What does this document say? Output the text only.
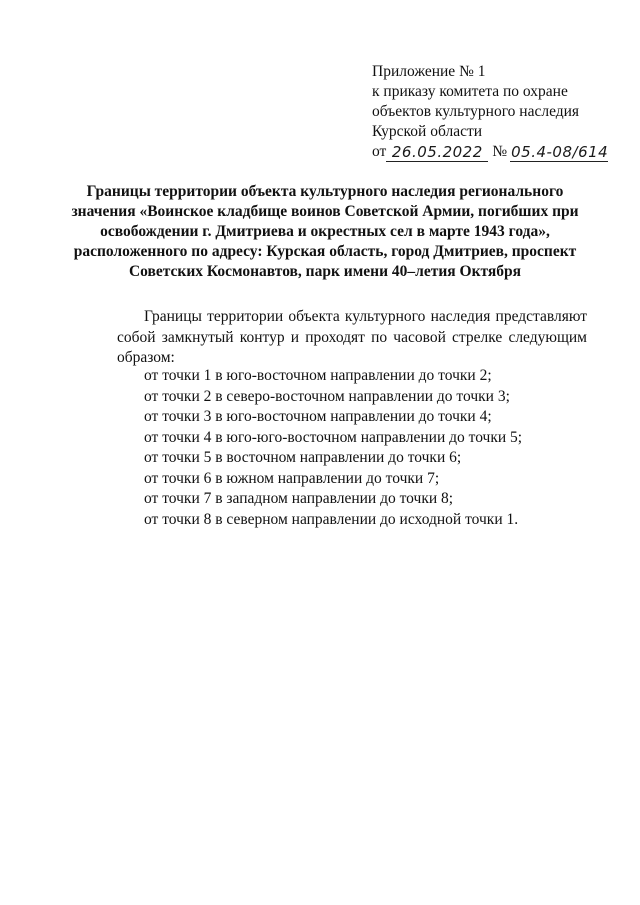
Приложение № 1
к приказу комитета по охране
объектов культурного наследия
Курской области
от 26.05.2022 № 05.4-08/614
Границы территории объекта культурного наследия регионального значения «Воинское кладбище воинов Советской Армии, погибших при освобождении г. Дмитриева и окрестных сел в марте 1943 года», расположенного по адресу: Курская область, город Дмитриев, проспект Советских Космонавтов, парк имени 40–летия Октября
Границы территории объекта культурного наследия представляют собой замкнутый контур и проходят по часовой стрелке следующим образом:
от точки 1 в юго-восточном направлении до точки 2;
от точки 2 в северо-восточном направлении до точки 3;
от точки 3 в юго-восточном направлении до точки 4;
от точки 4 в юго-юго-восточном направлении до точки 5;
от точки 5 в восточном направлении до точки 6;
от точки 6 в южном направлении до точки 7;
от точки 7 в западном направлении до точки 8;
от точки 8 в северном направлении до исходной точки 1.
